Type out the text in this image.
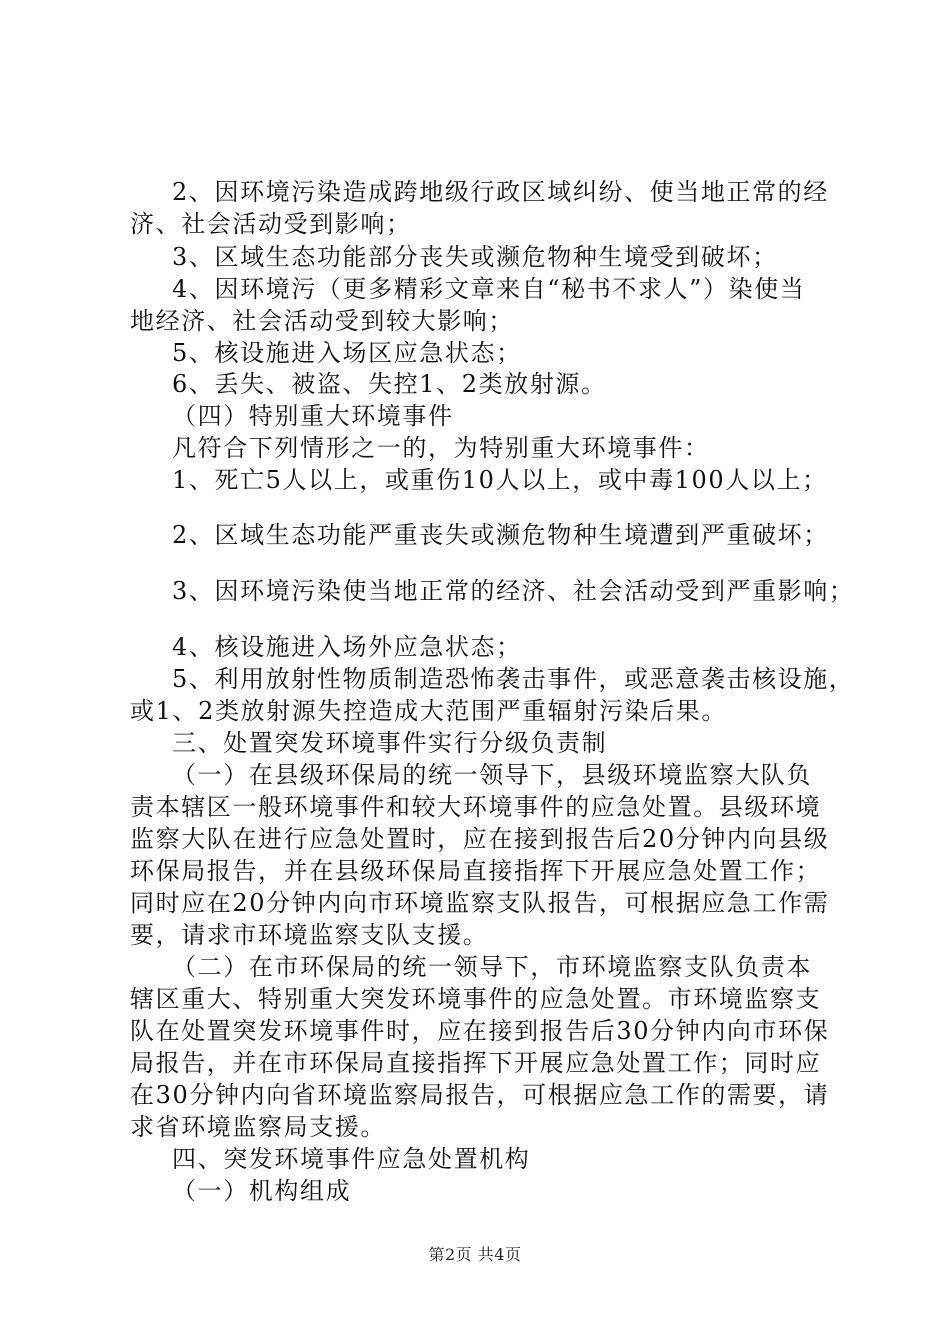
2、因环境污染造成跨地级行政区域纠纷、使当地正常的经

济、社会活动受到影响；

3、区域生态功能部分丧失或濒危物种生境受到破坏；

4、因环境污（更多精彩文章来自“秘书不求人”）染使当

地经济、社会活动受到较大影响；

5、核设施进入场区应急状态；

6、丢失、被盗、失控1、2类放射源。

（四）特别重大环境事件

凡符合下列情形之一的，为特别重大环境事件：

1、死亡5人以上，或重伤10人以上，或中毒100人以上；

2、区域生态功能严重丧失或濒危物种生境遭到严重破坏；

3、因环境污染使当地正常的经济、社会活动受到严重影响；

4、核设施进入场外应急状态；

5、利用放射性物质制造恐怖袭击事件，或恶意袭击核设施，

或1、2类放射源失控造成大范围严重辐射污染后果。

三、处置突发环境事件实行分级负责制

（一）在县级环保局的统一领导下，县级环境监察大队负

责本辖区一般环境事件和较大环境事件的应急处置。县级环境

监察大队在进行应急处置时，应在接到报告后20分钟内向县级

环保局报告，并在县级环保局直接指挥下开展应急处置工作；

同时应在20分钟内向市环境监察支队报告，可根据应急工作需

要，请求市环境监察支队支援。

（二）在市环保局的统一领导下，市环境监察支队负责本

辖区重大、特别重大突发环境事件的应急处置。市环境监察支

队在处置突发环境事件时，应在接到报告后30分钟内向市环保

局报告，并在市环保局直接指挥下开展应急处置工作；同时应

在30分钟内向省环境监察局报告，可根据应急工作的需要，请

求省环境监察局支援。

四、突发环境事件应急处置机构

（一）机构组成

第2页 共4页
